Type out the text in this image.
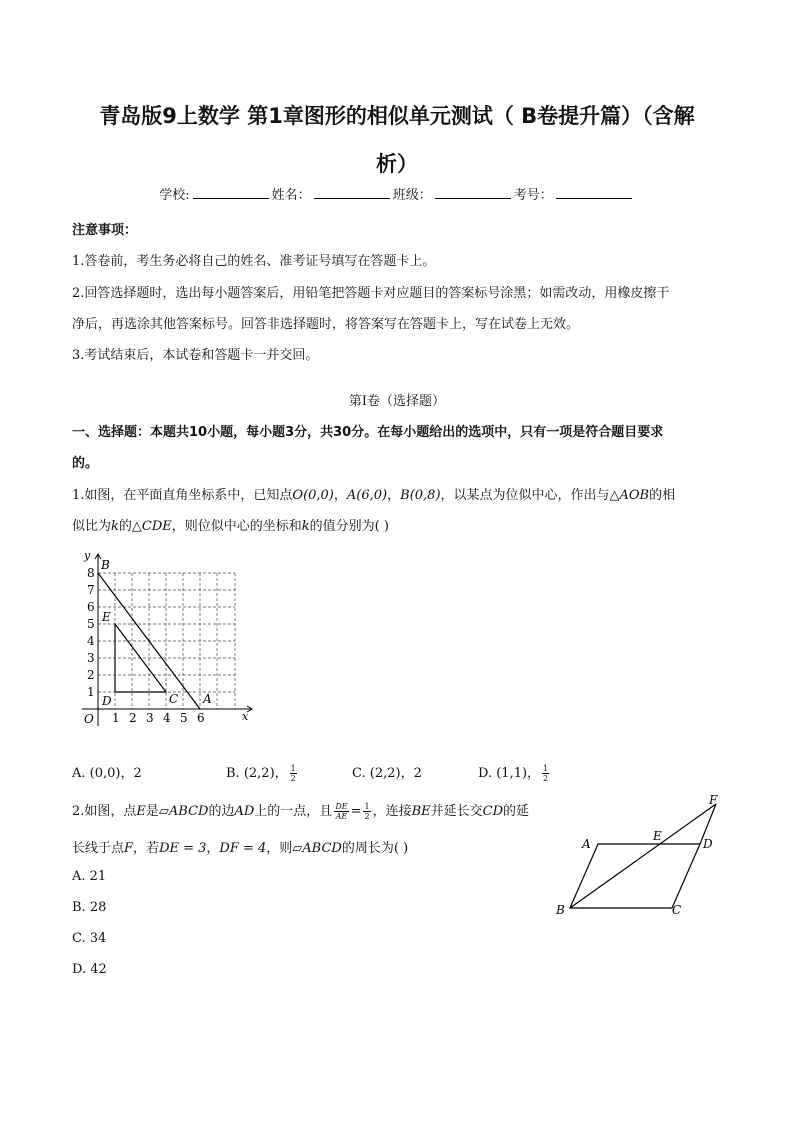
青岛版9上数学 第1章图形的相似单元测试（ B卷提升篇）（含解
析）
学校:	姓名：	班级：	考号：
注意事项：
1.答卷前，考生务必将自己的姓名、准考证号填写在答题卡上。
2.回答选择题时，选出每小题答案后，用铅笔把答题卡对应题目的答案标号涂黑；如需改动，用橡皮擦干
净后，再选涂其他答案标号。回答非选择题时，将答案写在答题卡上，写在试卷上无效。
3.考试结束后，本试卷和答题卡一并交回。
第I卷（选择题）
一、选择题：本题共10小题，每小题3分，共30分。在每小题给出的选项中，只有一项是符合题目要求
的。
1.如图，在平面直角坐标系中，已知点O(0,0)，A(6,0)，B(0,8)，以某点为位似中心，作出与△AOB的相
似比为k的△CDE，则位似中心的坐标和k的值分别为( )
x
y
O 1 2 3 4 5 6
1
2
3
4
5
6
7
8
B
E
D	C A
A. (0,0)，2	B. (2,2)， $\frac{1}{2}$	C. (2,2)，2	D. (1,1)， $\frac{1}{2}$
2.如图，点E是▱ABCD的边AD上的一点，且 $\frac{DE}{AE} = \frac{1}{2}$ ，连接BE并延长交CD的延
长线于点F，若DE = 3，DF = 4，则▱ABCD的周长为( )
A. 21
B. 28
C. 34
D. 42
A
E
D
F
B	C
